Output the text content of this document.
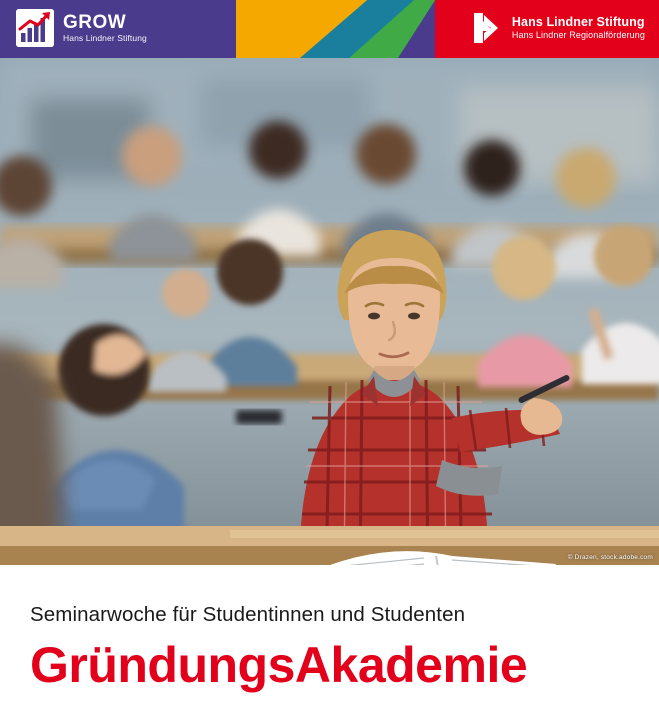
GROW
Hans Lindner Stiftung
Hans Lindner Stiftung
Hans Lindner Regionalförderung
© Drazen, stock.adobe.com
Seminarwoche für Studentinnen und Studenten
GründungsAkademie
